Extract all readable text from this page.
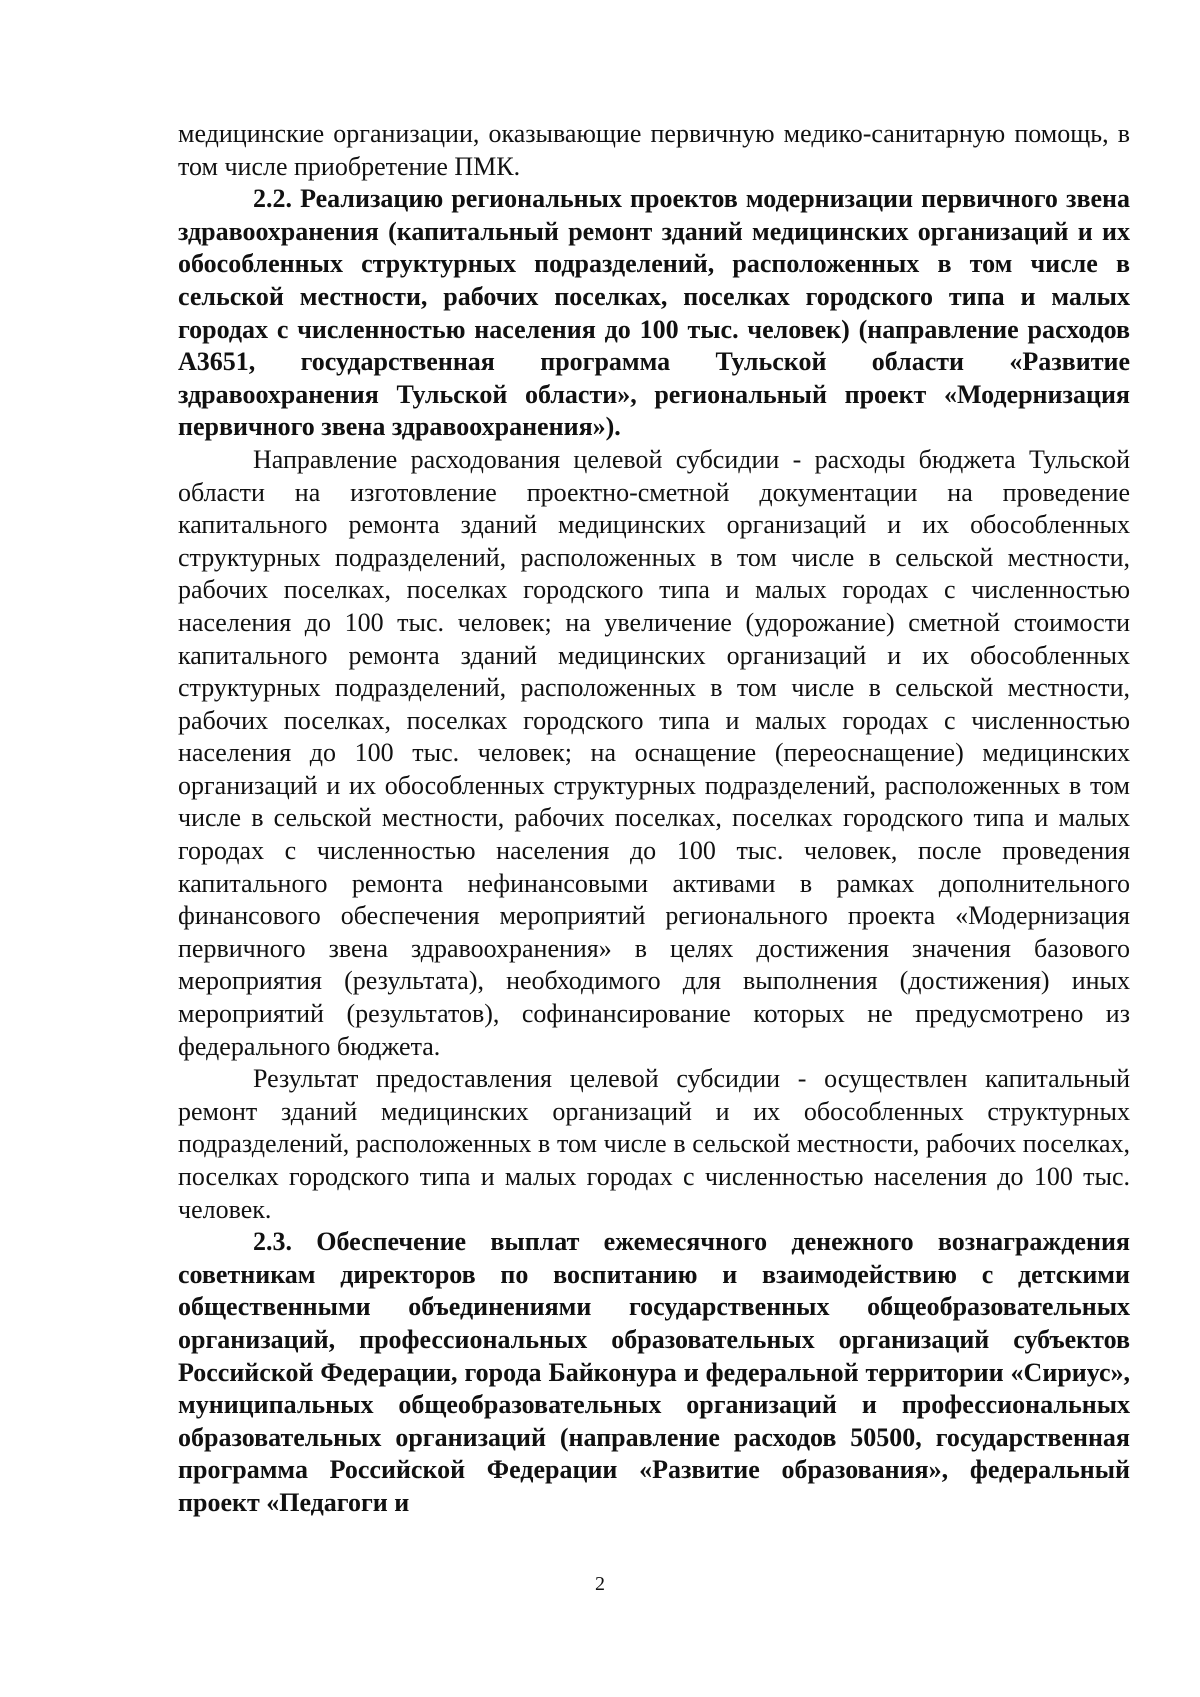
медицинские организации, оказывающие первичную медико-санитарную помощь, в том числе приобретение ПМК.

2.2. Реализацию региональных проектов модернизации первичного звена здравоохранения (капитальный ремонт зданий медицинских организаций и их обособленных структурных подразделений, расположенных в том числе в сельской местности, рабочих поселках, поселках городского типа и малых городах с численностью населения до 100 тыс. человек) (направление расходов А3651, государственная программа Тульской области «Развитие здравоохранения Тульской области», региональный проект «Модернизация первичного звена здравоохранения»).

Направление расходования целевой субсидии - расходы бюджета Тульской области на изготовление проектно-сметной документации на проведение капитального ремонта зданий медицинских организаций и их обособленных структурных подразделений, расположенных в том числе в сельской местности, рабочих поселках, поселках городского типа и малых городах с численностью населения до 100 тыс. человек; на увеличение (удорожание) сметной стоимости капитального ремонта зданий медицинских организаций и их обособленных структурных подразделений, расположенных в том числе в сельской местности, рабочих поселках, поселках городского типа и малых городах с численностью населения до 100 тыс. человек; на оснащение (переоснащение) медицинских организаций и их обособленных структурных подразделений, расположенных в том числе в сельской местности, рабочих поселках, поселках городского типа и малых городах с численностью населения до 100 тыс. человек, после проведения капитального ремонта нефинансовыми активами в рамках дополнительного финансового обеспечения мероприятий регионального проекта «Модернизация первичного звена здравоохранения» в целях достижения значения базового мероприятия (результата), необходимого для выполнения (достижения) иных мероприятий (результатов), софинансирование которых не предусмотрено из федерального бюджета.

Результат предоставления целевой субсидии - осуществлен капитальный ремонт зданий медицинских организаций и их обособленных структурных подразделений, расположенных в том числе в сельской местности, рабочих поселках, поселках городского типа и малых городах с численностью населения до 100 тыс. человек.

2.3. Обеспечение выплат ежемесячного денежного вознаграждения советникам директоров по воспитанию и взаимодействию с детскими общественными объединениями государственных общеобразовательных организаций, профессиональных образовательных организаций субъектов Российской Федерации, города Байконура и федеральной территории «Сириус», муниципальных общеобразовательных организаций и профессиональных образовательных организаций (направление расходов 50500, государственная программа Российской Федерации «Развитие образования», федеральный проект «Педагоги и

2
